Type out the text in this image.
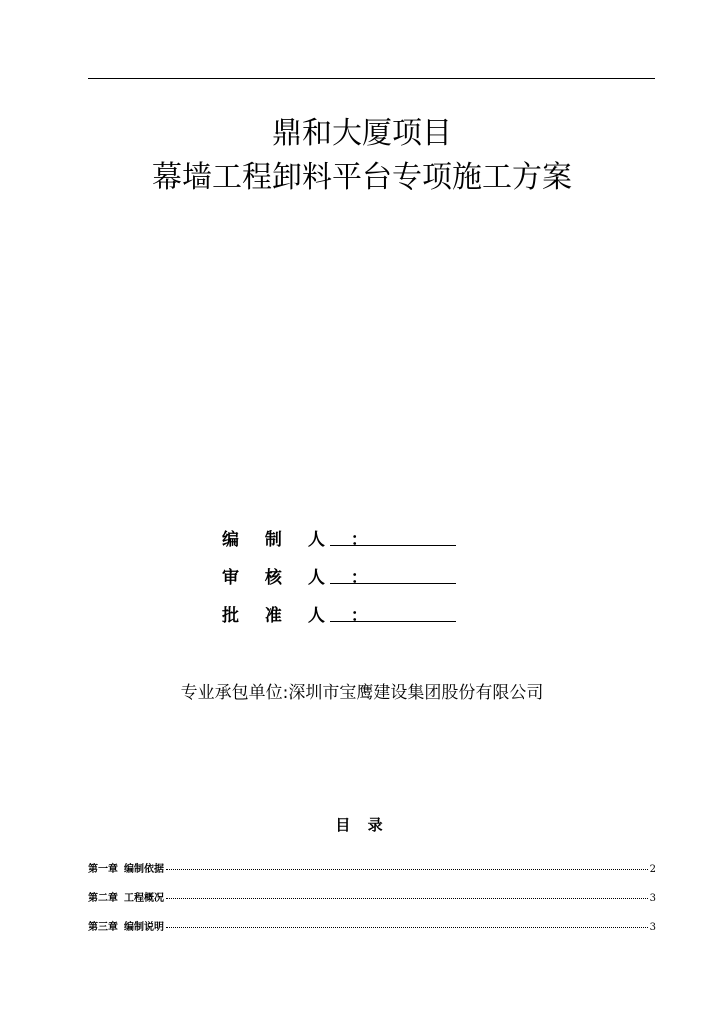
鼎和大厦项目
幕墙工程卸料平台专项施工方案
编 制 人 ：
审 核 人 ：
批 准 人 ：
专业承包单位:深圳市宝鹰建设集团股份有限公司
目 录
第一章 编制依据	2
第二章 工程概况	3
第三章 编制说明	3
